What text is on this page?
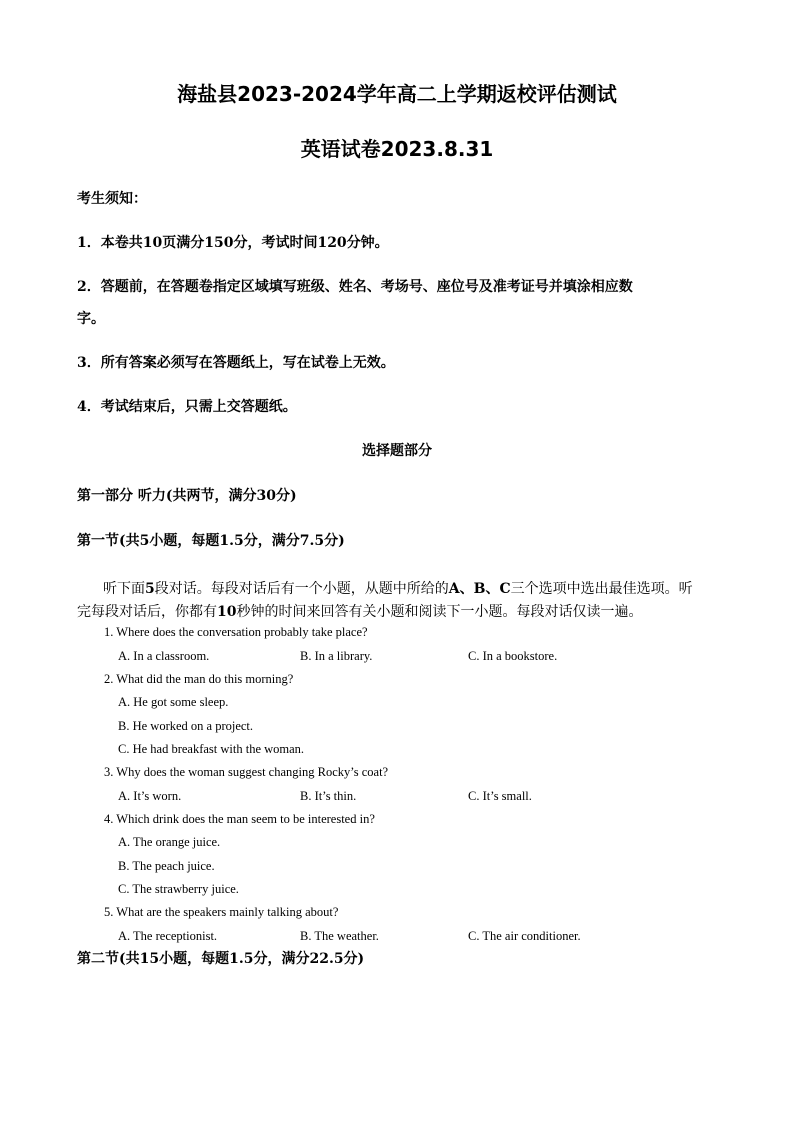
海盐县2023-2024学年高二上学期返校评估测试
英语试卷2023.8.31
考生须知：
1．本卷共10页满分150分，考试时间120分钟。
2．答题前，在答题卷指定区域填写班级、姓名、考场号、座位号及准考证号并填涂相应数
字。
3．所有答案必须写在答题纸上，写在试卷上无效。
4．考试结束后，只需上交答题纸。
选择题部分
第一部分 听力(共两节，满分30分)
第一节(共5小题，每题1.5分，满分7.5分)
听下面5段对话。每段对话后有一个小题，从题中所给的A、B、C三个选项中选出最佳选项。听
完每段对话后，你都有10秒钟的时间来回答有关小题和阅读下一小题。每段对话仅读一遍。
1. Where does the conversation probably take place?
A. In a classroom.	B. In a library.	C. In a bookstore.
2. What did the man do this morning?
A. He got some sleep.
B. He worked on a project.
C. He had breakfast with the woman.
3. Why does the woman suggest changing Rocky’s coat?
A. It’s worn.	B. It’s thin.	C. It’s small.
4. Which drink does the man seem to be interested in?
A. The orange juice.
B. The peach juice.
C. The strawberry juice.
5. What are the speakers mainly talking about?
A. The receptionist.	B. The weather.	C. The air conditioner.
第二节(共15小题，每题1.5分，满分22.5分)
